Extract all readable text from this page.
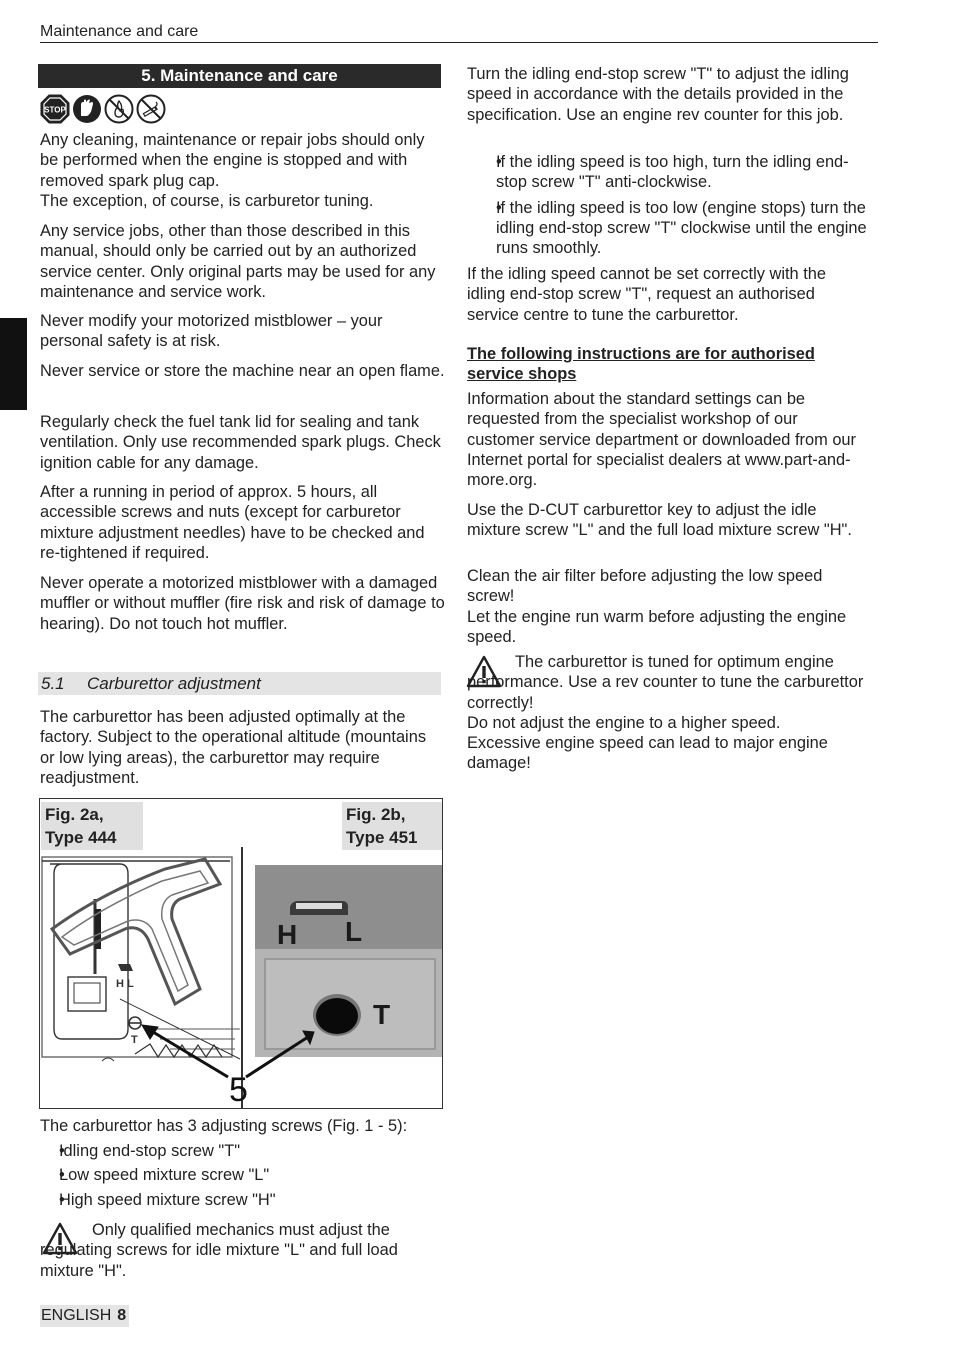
Maintenance and care
5. Maintenance and care
STOP

Any cleaning, maintenance or repair jobs should only be performed when the engine is stopped and with removed spark plug cap.

The exception, of course, is carburetor tuning.

Any service jobs, other than those described in this manual, should only be carried out by an authorized service center. Only original parts may be used for any maintenance and service work.

Never modify your motorized mistblower – your personal safety is at risk.

Never service or store the machine near an open flame.

Regularly check the fuel tank lid for sealing and tank ventilation. Only use recommended spark plugs. Check ignition cable for any damage.

After a running in period of approx. 5 hours, all accessible screws and nuts (except for carburetor mixture adjustment needles) have to be checked and re-tightened if required.

Never operate a motorized mistblower with a damaged muffler or without muffler (fire risk and risk of damage to hearing). Do not touch hot muffler.

5.1 Carburettor adjustment

The carburettor has been adjusted optimally at the factory. Subject to the operational altitude (mountains or low lying areas), the carburettor may require readjustment.

H L
T
H L
T
5
Fig. 2a,
Type 444
Fig. 2b,
Type 451

The carburettor has 3 adjusting screws (Fig. 1 - 5):

• Idling end-stop screw "T"
• Low speed mixture screw "L"
• High speed mixture screw "H"

Only qualified mechanics must adjust the regulating screws for idle mixture "L" and full load mixture "H".

ENGLISH 8

Turn the idling end-stop screw "T" to adjust the idling speed in accordance with the details provided in the specification. Use an engine rev counter for this job.

• If the idling speed is too high, turn the idling end-stop screw "T" anti-clockwise.
• If the idling speed is too low (engine stops) turn the idling end-stop screw "T" clockwise until the engine runs smoothly.

If the idling speed cannot be set correctly with the idling end-stop screw "T", request an authorised service centre to tune the carburettor.

The following instructions are for authorised service shops

Information about the standard settings can be requested from the specialist workshop of our customer service department or downloaded from our Internet portal for specialist dealers at www.part-and-more.org.

Use the D-CUT carburettor key to adjust the idle mixture screw "L" and the full load mixture screw "H".

Clean the air filter before adjusting the low speed screw!

Let the engine run warm before adjusting the engine speed.

The carburettor is tuned for optimum engine performance. Use a rev counter to tune the carburettor correctly!

Do not adjust the engine to a higher speed.

Excessive engine speed can lead to major engine damage!
